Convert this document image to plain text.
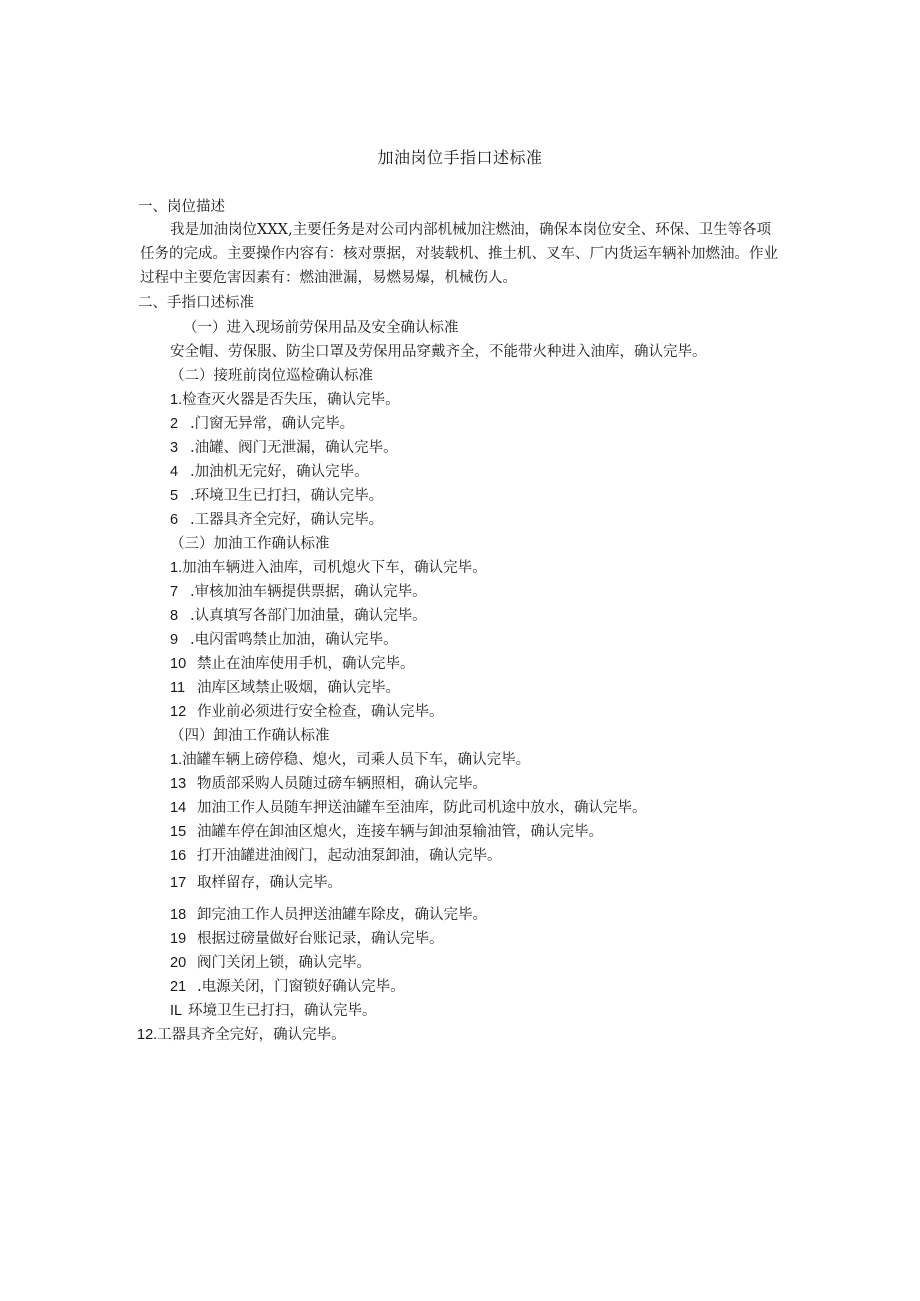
加油岗位手指口述标准
一、岗位描述
我是加油岗位XXX,主要任务是对公司内部机械加注燃油，确保本岗位安全、环保、卫生等各项任务的完成。主要操作内容有：核对票据，对装载机、推土机、叉车、厂内货运车辆补加燃油。作业过程中主要危害因素有：燃油泄漏，易燃易爆，机械伤人。
二、手指口述标准
（一）进入现场前劳保用品及安全确认标准
安全帽、劳保服、防尘口罩及劳保用品穿戴齐全，不能带火种进入油库，确认完毕。
（二）接班前岗位巡检确认标准
1.检查灭火器是否失压，确认完毕。
2 .门窗无异常，确认完毕。
3 .油罐、阀门无泄漏，确认完毕。
4 .加油机无完好，确认完毕。
5 .环境卫生已打扫，确认完毕。
6 .工器具齐全完好，确认完毕。
（三）加油工作确认标准
1.加油车辆进入油库，司机熄火下车，确认完毕。
7 .审核加油车辆提供票据，确认完毕。
8 .认真填写各部门加油量，确认完毕。
9 .电闪雷鸣禁止加油，确认完毕。
10 禁止在油库使用手机，确认完毕。
11 油库区域禁止吸烟，确认完毕。
12 作业前必须进行安全检查，确认完毕。
（四）卸油工作确认标准
1.油罐车辆上磅停稳、熄火，司乘人员下车，确认完毕。
13 物质部采购人员随过磅车辆照相，确认完毕。
14 加油工作人员随车押送油罐车至油库，防此司机途中放水，确认完毕。
15 油罐车停在卸油区熄火，连接车辆与卸油泵输油管，确认完毕。
16 打开油罐进油阀门，起动油泵卸油，确认完毕。
17 取样留存，确认完毕。
18 卸完油工作人员押送油罐车除皮，确认完毕。
19 根据过磅量做好台账记录，确认完毕。
20 阀门关闭上锁，确认完毕。
21 .电源关闭，门窗锁好确认完毕。
IL 环境卫生已打扫，确认完毕。
12.工器具齐全完好，确认完毕。
